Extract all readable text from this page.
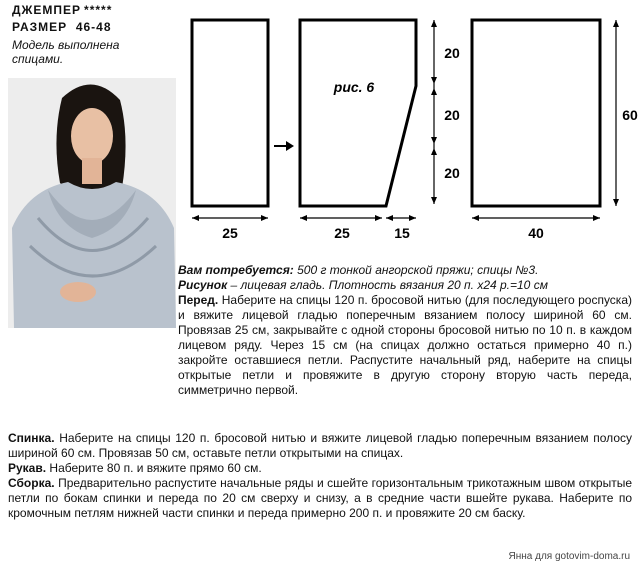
ДЖЕМПЕР *****
РАЗМЕР 46-48
Модель выполнена
спицами.
25	25	15
20
20
20
40
60
рис. 6
Вам потребуется: 500 г тонкой ангорской пряжи; спицы №3.
Рисунок – лицевая гладь. Плотность вязания 20 п. х24 р.=10 см
Перед. Наберите на спицы 120 п. бросовой нитью (для последующего роспуска) и вяжите лицевой гладью поперечным вязанием полосу шириной 60 см. Провязав 25 см, закрывайте с одной стороны бросовой нитью по 10 п. в каждом лицевом ряду. Через 15 см (на спицах должно остаться примерно 40 п.) закройте оставшиеся петли. Распустите начальный ряд, наберите на спицы открытые петли и провяжите в другую сторону вторую часть переда, симметрично первой.
Спинка. Наберите на спицы 120 п. бросовой нитью и вяжите лицевой гладью поперечным вязанием полосу шириной 60 см. Провязав 50 см, оставьте петли открытыми на спицах.
Рукав. Наберите 80 п. и вяжите прямо 60 см.
Сборка. Предварительно распустите начальные ряды и сшейте горизонтальным трикотажным швом открытые петли по бокам спинки и переда по 20 см сверху и снизу, а в средние части вшейте рукава. Наберите по кромочным петлям нижней части спинки и переда примерно 200 п. и провяжите 20 см баску.
Янна для gotovim-doma.ru
